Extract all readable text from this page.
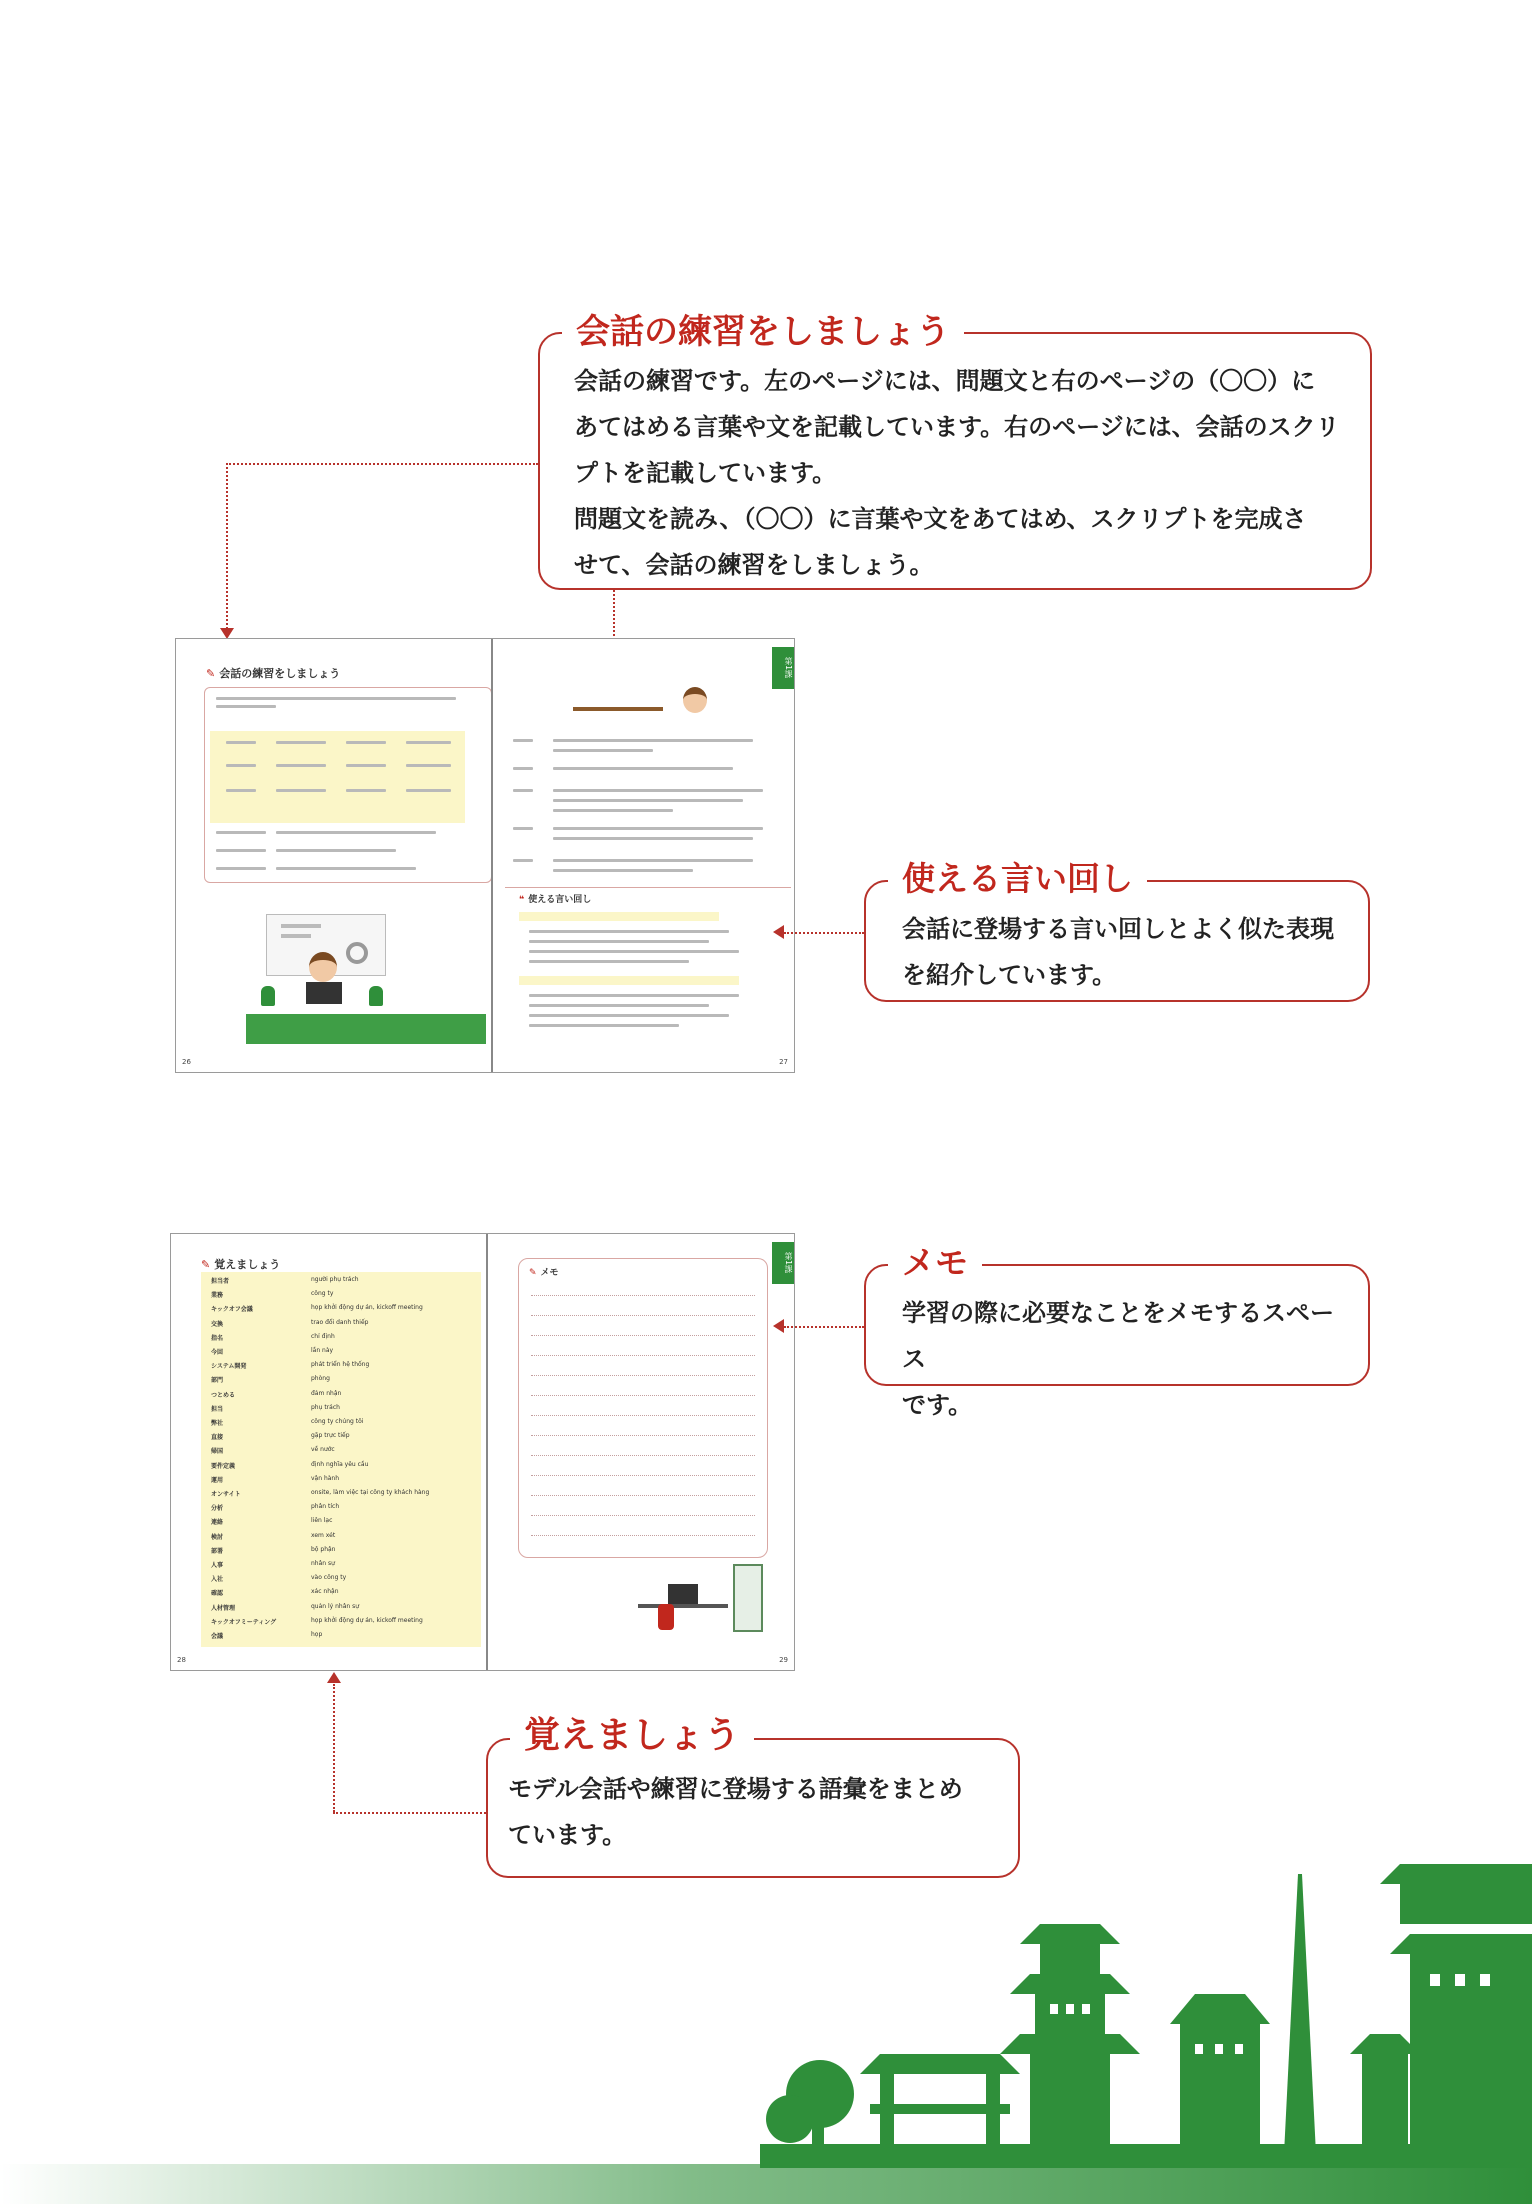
会話の練習をしましょう
会話の練習です。左のページには、問題文と右のページの（〇〇）に
あてはめる言葉や文を記載しています。右のページには、会話のスクリ
プトを記載しています。
問題文を読み、（〇〇）に言葉や文をあてはめ、スクリプトを完成さ
せて、会話の練習をしましょう。
✎ 会話の練習をしましょう
26
第1課
❝ 使える言い回し
27
使える言い回し
会話に登場する言い回しとよく似た表現
を紹介しています。
✎ 覚えましょう
担当者	người phụ trách
業務	công ty
キックオフ会議	họp khởi động dự án, kickoff meeting
交換	trao đổi danh thiếp
指名	chỉ định
今回	lần này
システム開発	phát triển hệ thống
部門	phòng
つとめる	đảm nhận
担当	phụ trách
弊社	công ty chúng tôi
直接	gặp trực tiếp
帰国	về nước
要件定義	định nghĩa yêu cầu
運用	vận hành
オンサイト	onsite, làm việc tại công ty khách hàng
分析	phân tích
連絡	liên lạc
検討	xem xét
部署	bộ phận
人事	nhân sự
入社	vào công ty
確認	xác nhận
人材管理	quản lý nhân sự
キックオフミーティング	họp khởi động dự án, kickoff meeting
会議	họp
28
第1課
✎ メモ
29
メモ
学習の際に必要なことをメモするスペース
です。
覚えましょう
モデル会話や練習に登場する語彙をまとめ
ています。
